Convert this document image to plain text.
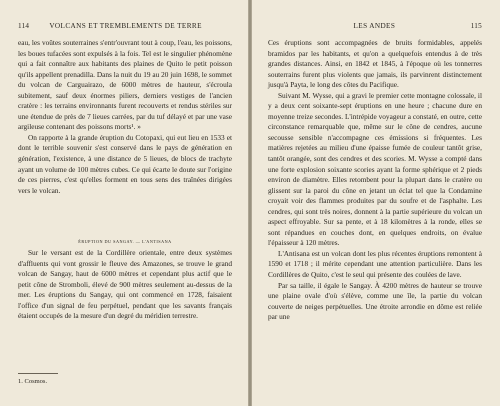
114	VOLCANS ET TREMBLEMENTS DE TERRE

eau, les voûtes souterraines s'entr'ouvrant tout à coup, l'eau, les poissons, les boues tufacées sont expulsés à la fois. Tel est le singulier phénomène qui a fait connaître aux habitants des plaines de Quito le petit poisson qu'ils appellent prenadilla. Dans la nuit du 19 au 20 juin 1698, le sommet du volcan de Carguairazo, de 6000 mètres de hauteur, s'écroula subitement, sauf deux énormes piliers, derniers vestiges de l'ancien cratère : les terrains environnants furent recouverts et rendus stériles sur une étendue de près de 7 lieues carrées, par du tuf délayé et par une vase argileuse contenant des poissons morts¹. »

On rapporte à la grande éruption du Cotopaxi, qui eut lieu en 1533 et dont le terrible souvenir s'est conservé dans le pays de génération en génération, l'existence, à une distance de 5 lieues, de blocs de trachyte ayant un volume de 100 mètres cubes. Ce qui écarte le doute sur l'origine de ces pierres, c'est qu'elles forment en tous sens des traînées dirigées vers le volcan.

ÉRUPTION DU SANGAY. — L'ANTISANA

Sur le versant est de la Cordillère orientale, entre deux systèmes d'affluents qui vont grossir le fleuve des Amazones, se trouve le grand volcan de Sangay, haut de 6000 mètres et cependant plus actif que le petit cône de Stromboli, élevé de 900 mètres seulement au-dessus de la mer. Les éruptions du Sangay, qui ont commencé en 1728, faisaient l'office d'un signal de feu perpétuel, pendant que les savants français étaient occupés de la mesure d'un degré du méridien terrestre.

1. Cosmos.
LES ANDES	115

Ces éruptions sont accompagnées de bruits formidables, appelés bramidos par les habitants, et qu'on a quelquefois entendus à de très grandes distances. Ainsi, en 1842 et 1845, à l'époque où les tonnerres souterrains furent plus violents que jamais, ils parvinrent distinctement jusqu'à Payta, le long des côtes du Pacifique.

Suivant M. Wysse, qui a gravi le premier cette montagne colossale, il y a deux cent soixante-sept éruptions en une heure ; chacune dure en moyenne treize secondes. L'intrépide voyageur a constaté, en outre, cette circonstance remarquable que, même sur le cône de cendres, aucune secousse sensible n'accompagne ces émissions si fréquentes. Les matières rejetées au milieu d'une épaisse fumée de couleur tantôt grise, tantôt orangée, sont des cendres et des scories. M. Wysse a compté dans une forte explosion soixante scories ayant la forme sphérique et 2 pieds environ de diamètre. Elles retombent pour la plupart dans le cratère ou glissent sur la paroi du cône en jetant un éclat tel que la Condamine croyait voir des flammes produites par du soufre et de l'asphalte. Les cendres, qui sont très noires, donnent à la partie supérieure du volcan un aspect effroyable. Sur sa pente, et à 18 kilomètres à la ronde, elles se sont répandues en couches dont, en quelques endroits, on évalue l'épaisseur à 120 mètres.

L'Antisana est un volcan dont les plus récentes éruptions remontent à 1590 et 1718 ; il mérite cependant une attention particulière. Dans les Cordillères de Quito, c'est le seul qui présente des coulées de lave.

Par sa taille, il égale le Sangay. À 4200 mètres de hauteur se trouve une plaine ovale d'où s'élève, comme une île, la partie du volcan couverte de neiges perpétuelles. Une étroite arrondie en dôme est reliée par une
